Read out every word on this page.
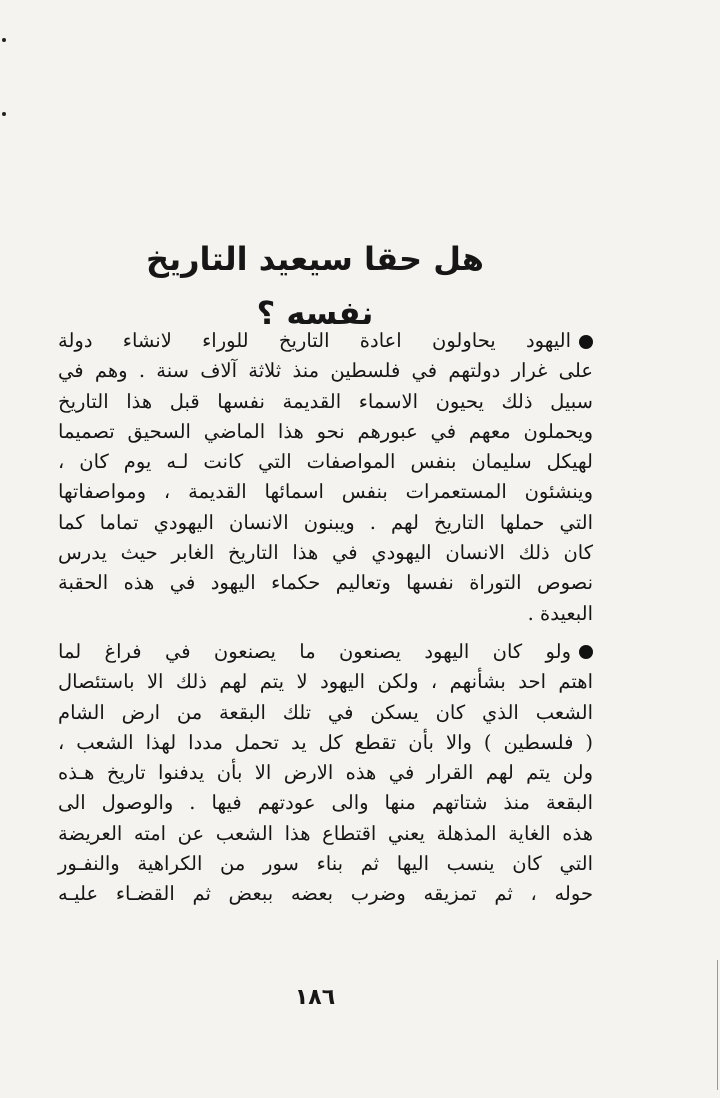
هل حقا سيعيد التاريخ نفسه ؟

اليهود يحاولون اعادة التاريخ للوراء لانشاء دولة
على غرار دولتهم في فلسطين منذ ثلاثة آلاف سنة . وهم في
سبيل ذلك يحيون الاسماء القديمة نفسها قبل هذا التاريخ
ويحملون معهم في عبورهم نحو هذا الماضي السحيق تصميما
لهيكل سليمان بنفس المواصفات التي كانت لـه يوم كان ،
وينشئون المستعمرات بنفس اسمائها القديمة ، ومواصفاتها
التي حملها التاريخ لهم . ويبنون الانسان اليهودي تماما كما
كان ذلك الانسان اليهودي في هذا التاريخ الغابر حيث يدرس
نصوص التوراة نفسها وتعاليم حكماء اليهود في هذه الحقبة
البعيدة .

ولو كان اليهود يصنعون ما يصنعون في فراغ لما
اهتم احد بشأنهم ، ولكن اليهود لا يتم لهم ذلك الا باستئصال
الشعب الذي كان يسكن في تلك البقعة من ارض الشام
( فلسطين ) والا بأن تقطع كل يد تحمل مددا لهذا الشعب ،
ولن يتم لهم القرار في هذه الارض الا بأن يدفنوا تاريخ هـذه
البقعة منذ شتاتهم منها والى عودتهم فيها . والوصول الى
هذه الغاية المذهلة يعني اقتطاع هذا الشعب عن امته العريضة
التي كان ينسب اليها ثم بناء سور من الكراهية والنفـور
حوله ، ثم تمزيقه وضرب بعضه ببعض ثم القضـاء عليـه

١٨٦
